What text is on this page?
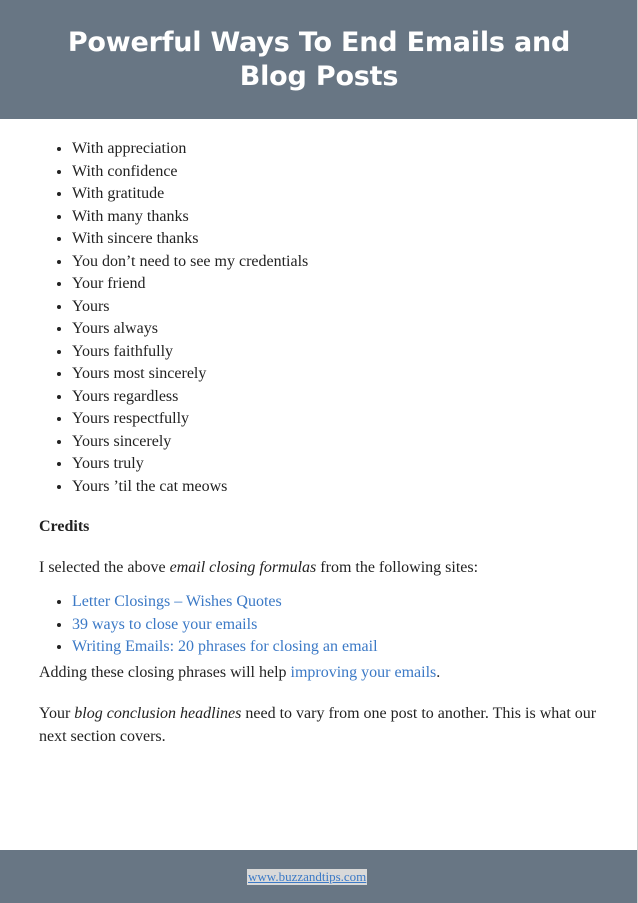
Powerful Ways To End Emails and Blog Posts
• With appreciation
• With confidence
• With gratitude
• With many thanks
• With sincere thanks
• You don’t need to see my credentials
• Your friend
• Yours
• Yours always
• Yours faithfully
• Yours most sincerely
• Yours regardless
• Yours respectfully
• Yours sincerely
• Yours truly
• Yours ’til the cat meows

Credits

I selected the above email closing formulas from the following sites:

• Letter Closings – Wishes Quotes
• 39 ways to close your emails
• Writing Emails: 20 phrases for closing an email

Adding these closing phrases will help improving your emails.

Your blog conclusion headlines need to vary from one post to another. This is what our next section covers.

www.buzzandtips.com
